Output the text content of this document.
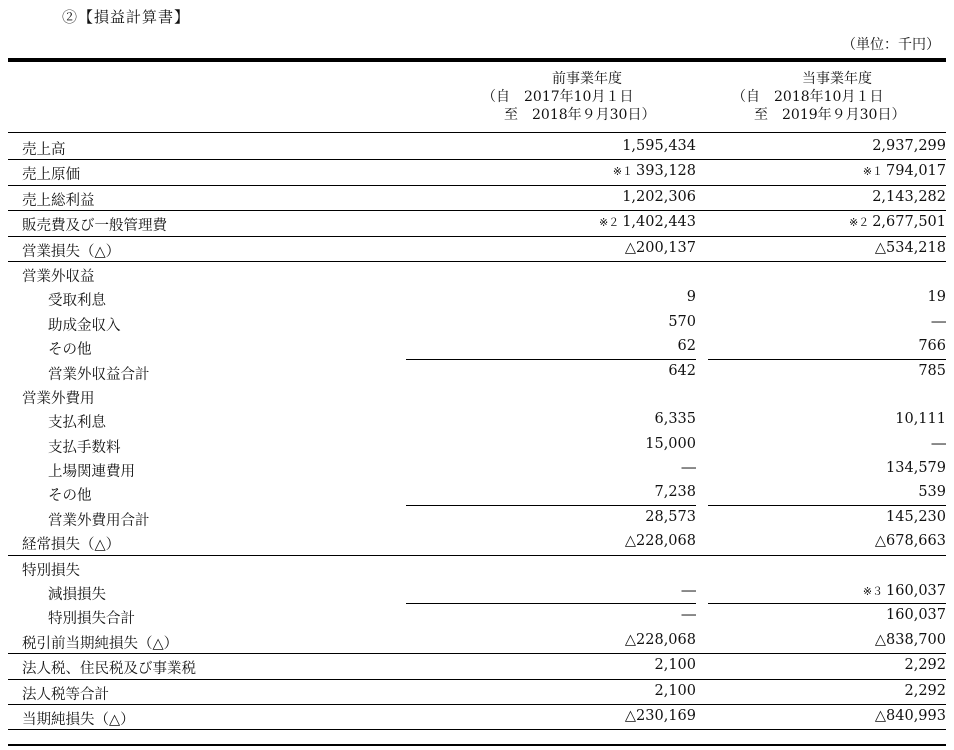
②【損益計算書】
（単位：千円）
前事業年度
（自　2017年10月１日
至　2018年９月30日）
当事業年度
（自　2018年10月１日
至　2019年９月30日）
売上高	1,595,434	2,937,299
売上原価	※１ 393,128	※１ 794,017
売上総利益	1,202,306	2,143,282
販売費及び一般管理費	※２ 1,402,443	※２ 2,677,501
営業損失（△）	△200,137	△534,218
営業外収益
受取利息	9	19
助成金収入	570	―
その他	62	766
営業外収益合計	642	785
営業外費用
支払利息	6,335	10,111
支払手数料	15,000	―
上場関連費用	―	134,579
その他	7,238	539
営業外費用合計	28,573	145,230
経常損失（△）	△228,068	△678,663
特別損失
減損損失	―	※３ 160,037
特別損失合計	―	160,037
税引前当期純損失（△）	△228,068	△838,700
法人税、住民税及び事業税	2,100	2,292
法人税等合計	2,100	2,292
当期純損失（△）	△230,169	△840,993
